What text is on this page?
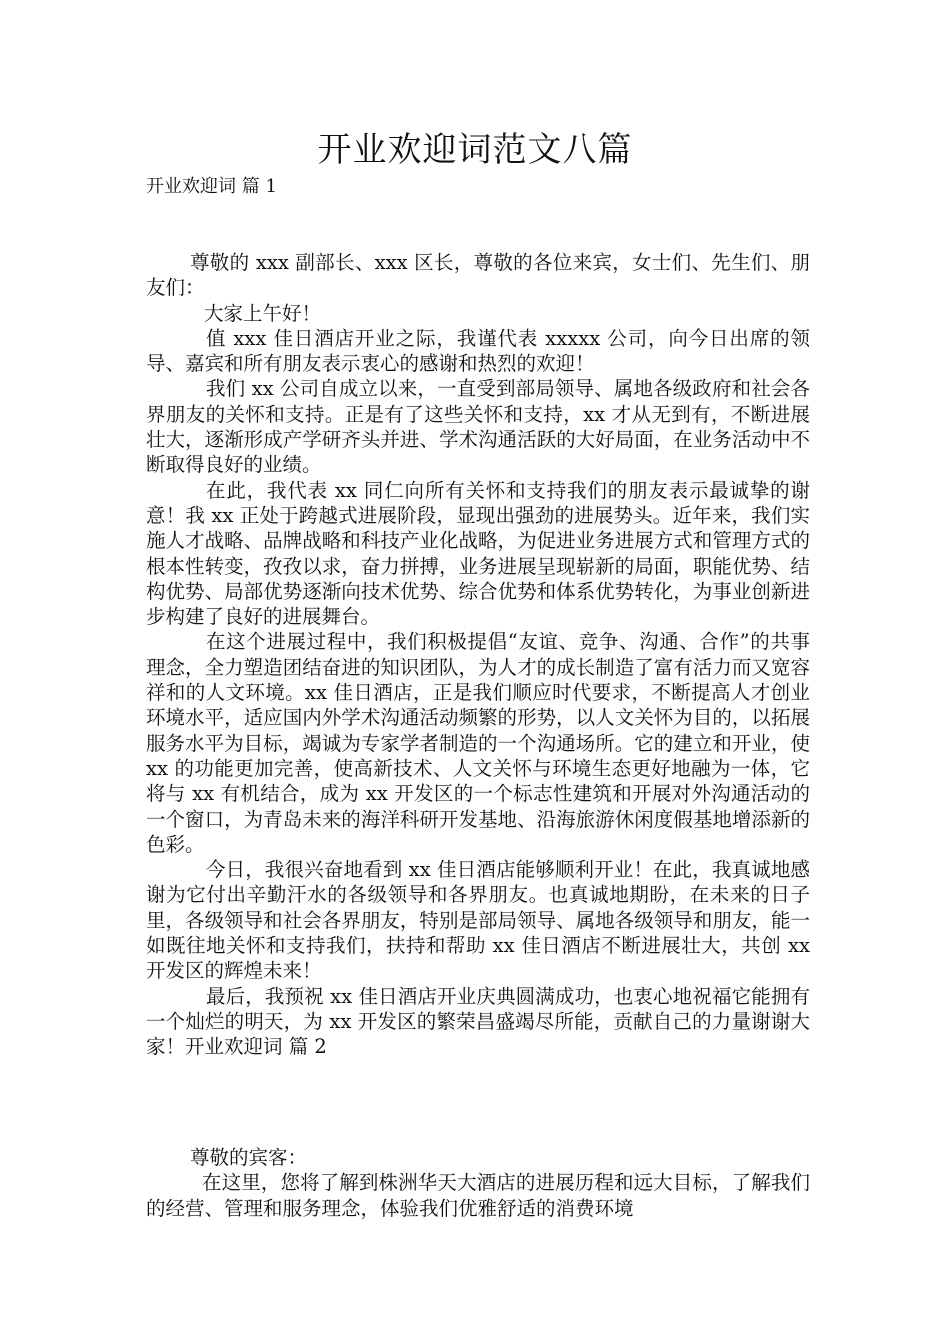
开业欢迎词范文八篇
开业欢迎词 篇 1

尊敬的 xxx 副部长、xxx 区长，尊敬的各位来宾，女士们、先生们、朋友们：

大家上午好！

值 xxx 佳日酒店开业之际，我谨代表 xxxxx 公司，向今日出席的领导、嘉宾和所有朋友表示衷心的感谢和热烈的欢迎！

我们 xx 公司自成立以来，一直受到部局领导、属地各级政府和社会各界朋友的关怀和支持。正是有了这些关怀和支持，xx 才从无到有，不断进展壮大，逐渐形成产学研齐头并进、学术沟通活跃的大好局面，在业务活动中不断取得良好的业绩。

在此，我代表 xx 同仁向所有关怀和支持我们的朋友表示最诚挚的谢意！我 xx 正处于跨越式进展阶段，显现出强劲的进展势头。近年来，我们实施人才战略、品牌战略和科技产业化战略，为促进业务进展方式和管理方式的根本性转变，孜孜以求，奋力拼搏，业务进展呈现崭新的局面，职能优势、结构优势、局部优势逐渐向技术优势、综合优势和体系优势转化，为事业创新进步构建了良好的进展舞台。

在这个进展过程中，我们积极提倡“友谊、竞争、沟通、合作”的共事理念，全力塑造团结奋进的知识团队，为人才的成长制造了富有活力而又宽容祥和的人文环境。xx 佳日酒店，正是我们顺应时代要求，不断提高人才创业环境水平，适应国内外学术沟通活动频繁的形势，以人文关怀为目的，以拓展服务水平为目标，竭诚为专家学者制造的一个沟通场所。它的建立和开业，使 xx 的功能更加完善，使高新技术、人文关怀与环境生态更好地融为一体，它将与 xx 有机结合，成为 xx 开发区的一个标志性建筑和开展对外沟通活动的一个窗口，为青岛未来的海洋科研开发基地、沿海旅游休闲度假基地增添新的色彩。

今日，我很兴奋地看到 xx 佳日酒店能够顺利开业！在此，我真诚地感谢为它付出辛勤汗水的各级领导和各界朋友。也真诚地期盼，在未来的日子里，各级领导和社会各界朋友，特别是部局领导、属地各级领导和朋友，能一如既往地关怀和支持我们，扶持和帮助 xx 佳日酒店不断进展壮大，共创 xx 开发区的辉煌未来！

最后，我预祝 xx 佳日酒店开业庆典圆满成功，也衷心地祝福它能拥有一个灿烂的明天，为 xx 开发区的繁荣昌盛竭尽所能，贡献自己的力量谢谢大家！开业欢迎词 篇 2

尊敬的宾客：

在这里，您将了解到株洲华天大酒店的进展历程和远大目标，了解我们的经营、管理和服务理念，体验我们优雅舒适的消费环境
